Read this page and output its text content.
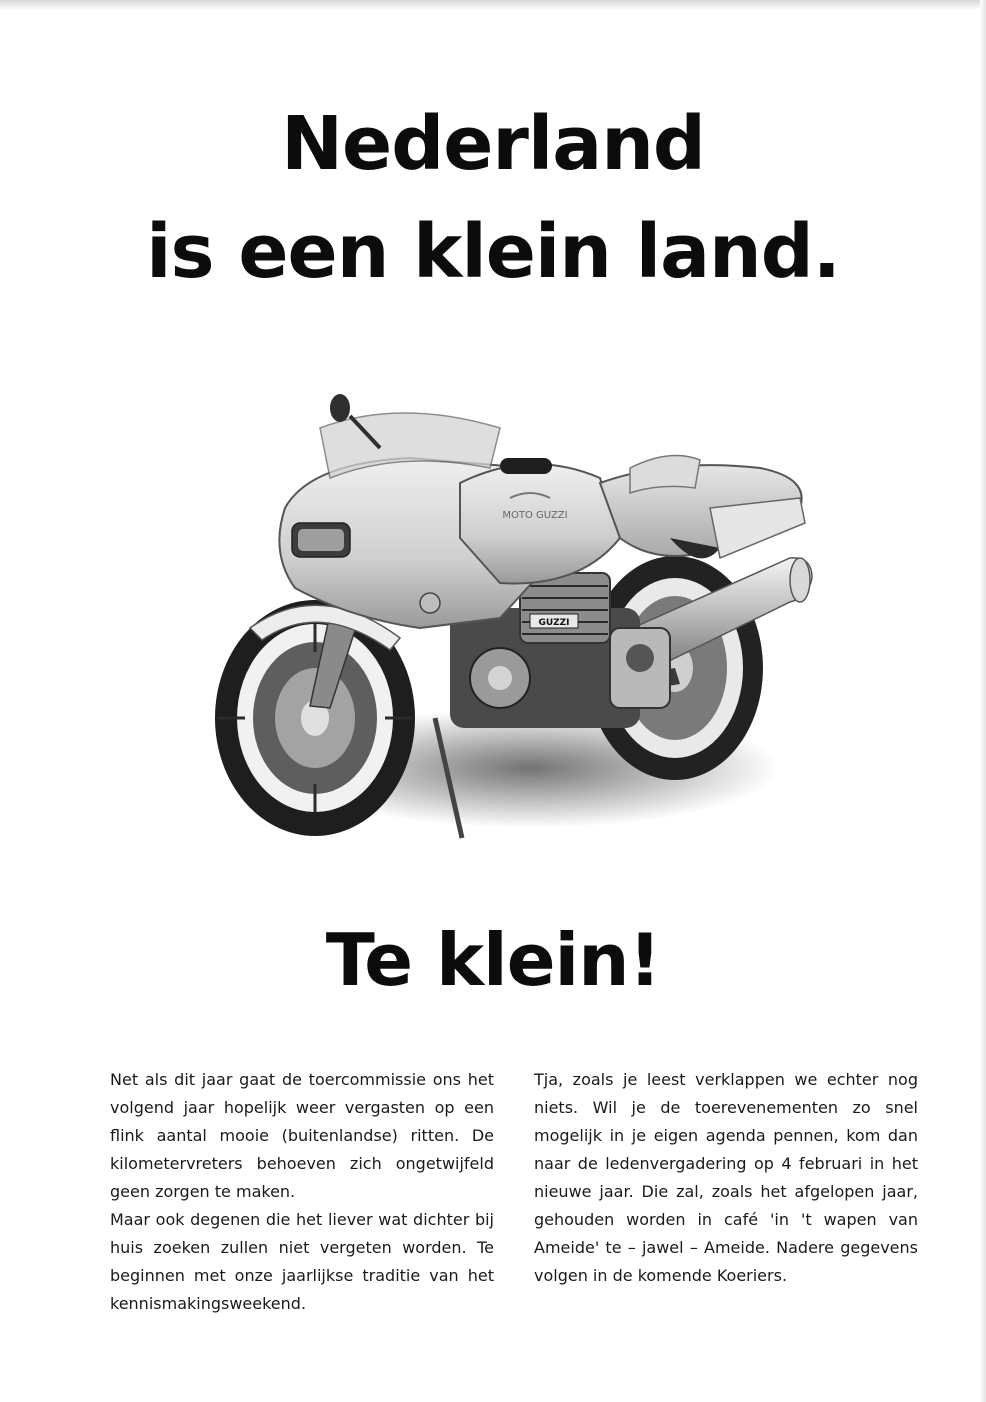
Nederland
is een klein land.
GUZZI
MOTO GUZZI
Te klein!

Net als dit jaar gaat de toercommissie ons het volgend jaar hopelijk weer vergasten op een flink aantal mooie (buitenlandse) ritten. De kilometervreters behoeven zich ongetwijfeld geen zorgen te maken.

Maar ook degenen die het liever wat dichter bij huis zoeken zullen niet vergeten worden. Te beginnen met onze jaarlijkse traditie van het kennismakingsweekend.

Tja, zoals je leest verklappen we echter nog niets. Wil je de toerevenementen zo snel mogelijk in je eigen agenda pennen, kom dan naar de ledenvergadering op 4 februari in het nieuwe jaar. Die zal, zoals het afgelopen jaar, gehouden worden in café 'in 't wapen van Ameide' te – jawel – Ameide. Nadere gegevens volgen in de komende Koeriers.
